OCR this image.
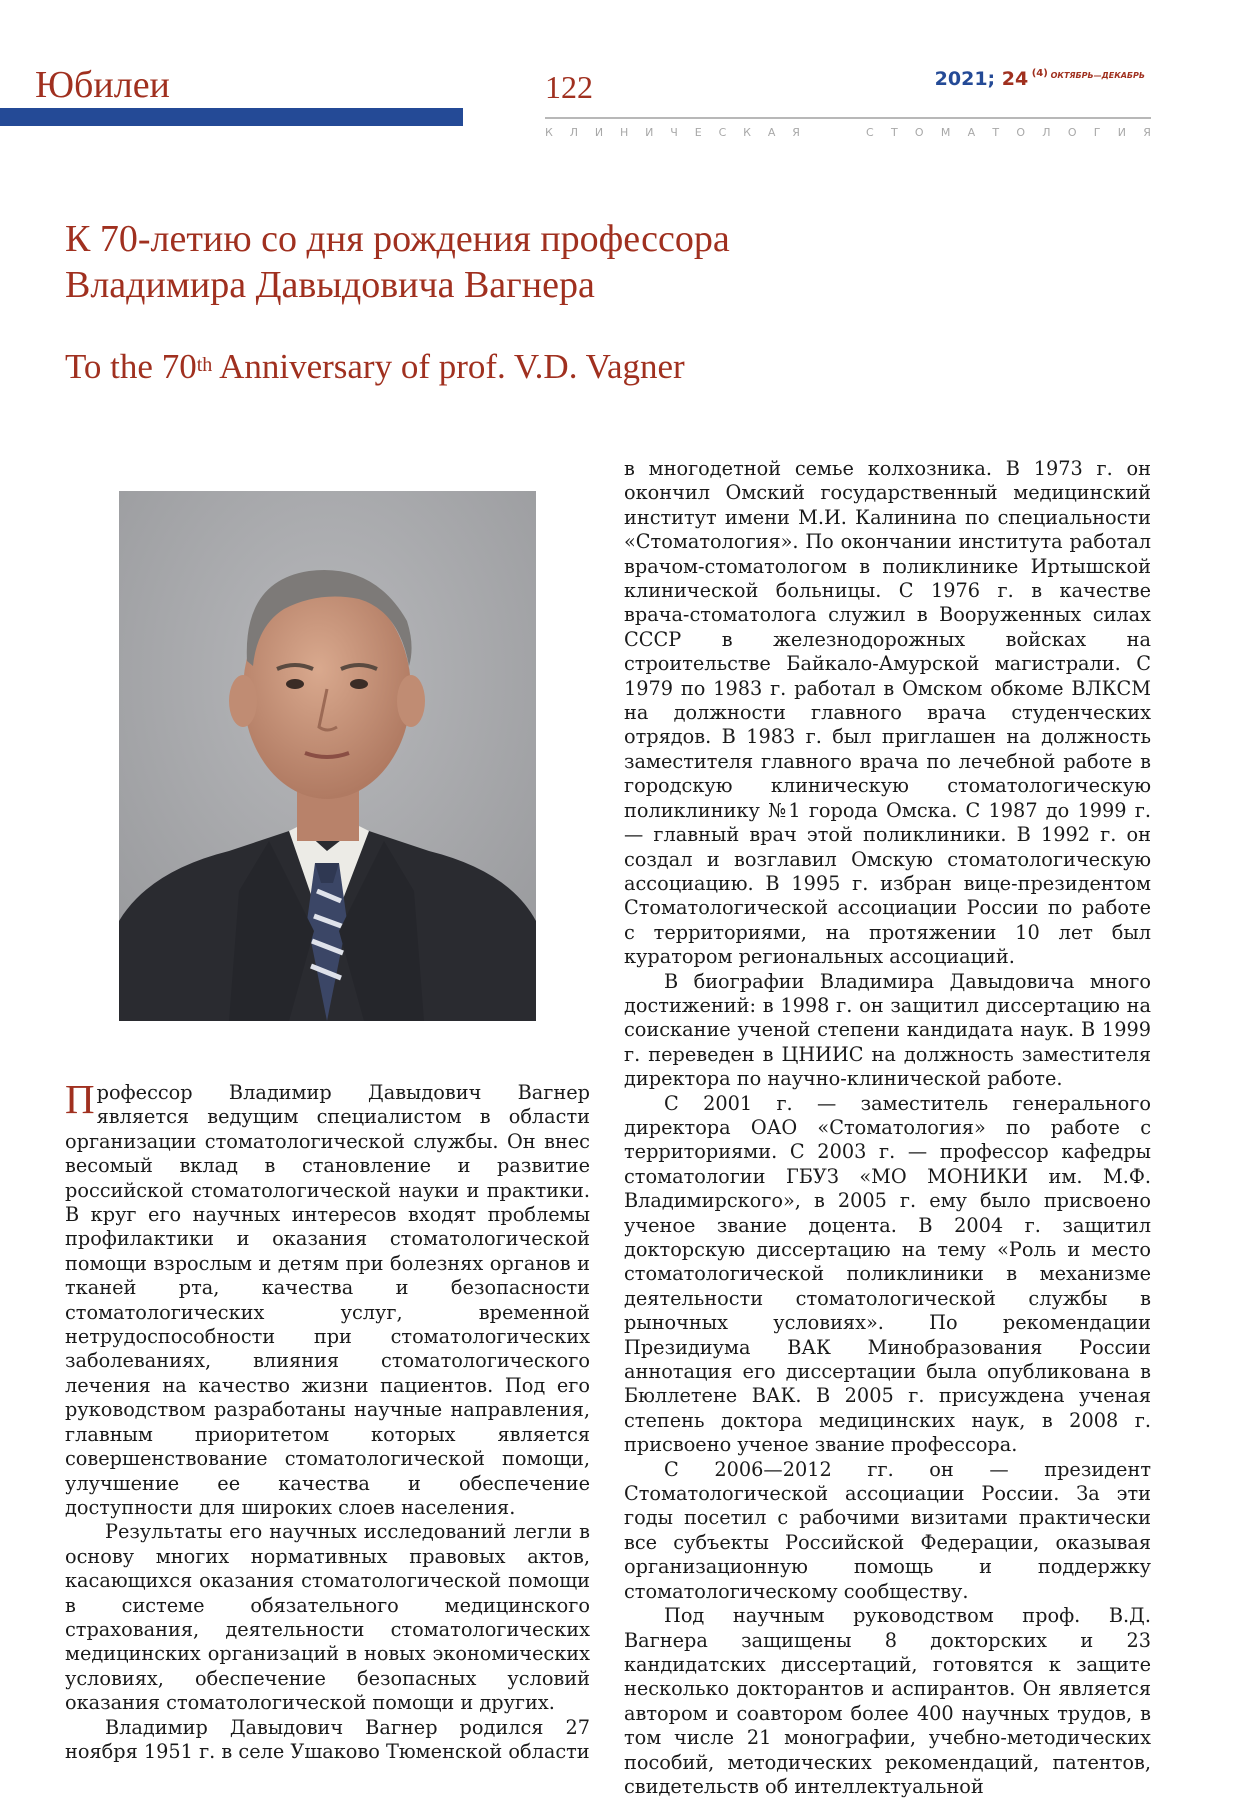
Юбилеи	122	2021; 24 $^{(4)}$ $^{ОКТЯБРЬ—ДЕКАБРЬ}$
К Л И Н И Ч Е С К А Я	С Т О М А Т О Л О Г И Я
К 70-летию со дня рождения профессора
Владимира Давыдовича Вагнера
To the 70th Anniversary of prof. V.D. Vagner

Профессор Владимир Давыдович Вагнер является ведущим специалистом в области организации стоматологической службы. Он внес весомый вклад в становление и развитие российской стоматологической науки и практики. В круг его научных интересов входят проблемы профилактики и оказания стоматологической помощи взрослым и детям при болезнях органов и тканей рта, качества и безопасности стоматологических услуг, временной нетрудоспособности при стоматологических заболеваниях, влияния стоматологического лечения на качество жизни пациентов. Под его руководством разработаны научные направления, главным приоритетом которых является совершенствование стоматологической помощи, улучшение ее качества и обеспечение доступности для широких слоев населения.

Результаты его научных исследований легли в основу многих нормативных правовых актов, касающихся оказания стоматологической помощи в системе обязательного медицинского страхования, деятельности стоматологических медицинских организаций в новых экономических условиях, обеспечение безопасных условий оказания стоматологической помощи и других.

Владимир Давыдович Вагнер родился 27 ноября 1951 г. в селе Ушаково Тюменской области

в многодетной семье колхозника. В 1973 г. он окончил Омский государственный медицинский институт имени М.И. Калинина по специальности «Стоматология». По окончании института работал врачом-стоматологом в поликлинике Иртышской клинической больницы. С 1976 г. в качестве врача-стоматолога служил в Вооруженных силах СССР в железнодорожных войсках на строительстве Байкало-Амурской магистрали. С 1979 по 1983 г. работал в Омском обкоме ВЛКСМ на должности главного врача студенческих отрядов. В 1983 г. был приглашен на должность заместителя главного врача по лечебной работе в городскую клиническую стоматологическую поликлинику №1 города Омска. С 1987 до 1999 г. — главный врач этой поликлиники. В 1992 г. он создал и возглавил Омскую стоматологическую ассоциацию. В 1995 г. избран вице-президентом Стоматологической ассоциации России по работе с территориями, на протяжении 10 лет был куратором региональных ассоциаций.

В биографии Владимира Давыдовича много достижений: в 1998 г. он защитил диссертацию на соискание ученой степени кандидата наук. В 1999 г. переведен в ЦНИИС на должность заместителя директора по научно-клинической работе.

С 2001 г. — заместитель генерального директора ОАО «Стоматология» по работе с территориями. С 2003 г. — профессор кафедры стоматологии ГБУЗ «МО МОНИКИ им. М.Ф. Владимирского», в 2005 г. ему было присвоено ученое звание доцента. В 2004 г. защитил докторскую диссертацию на тему «Роль и место стоматологической поликлиники в механизме деятельности стоматологической службы в рыночных условиях». По рекомендации Президиума ВАК Минобразования России аннотация его диссертации была опубликована в Бюллетене ВАК. В 2005 г. присуждена ученая степень доктора медицинских наук, в 2008 г. присвоено ученое звание профессора.

С 2006—2012 гг. он — президент Стоматологической ассоциации России. За эти годы посетил с рабочими визитами практически все субъекты Российской Федерации, оказывая организационную помощь и поддержку стоматологическому сообществу.

Под научным руководством проф. В.Д. Вагнера защищены 8 докторских и 23 кандидатских диссертаций, готовятся к защите несколько докторантов и аспирантов. Он является автором и соавтором более 400 научных трудов, в том числе 21 монографии, учебно-методических пособий, методических рекомендаций, патентов, свидетельств об интеллектуальной
